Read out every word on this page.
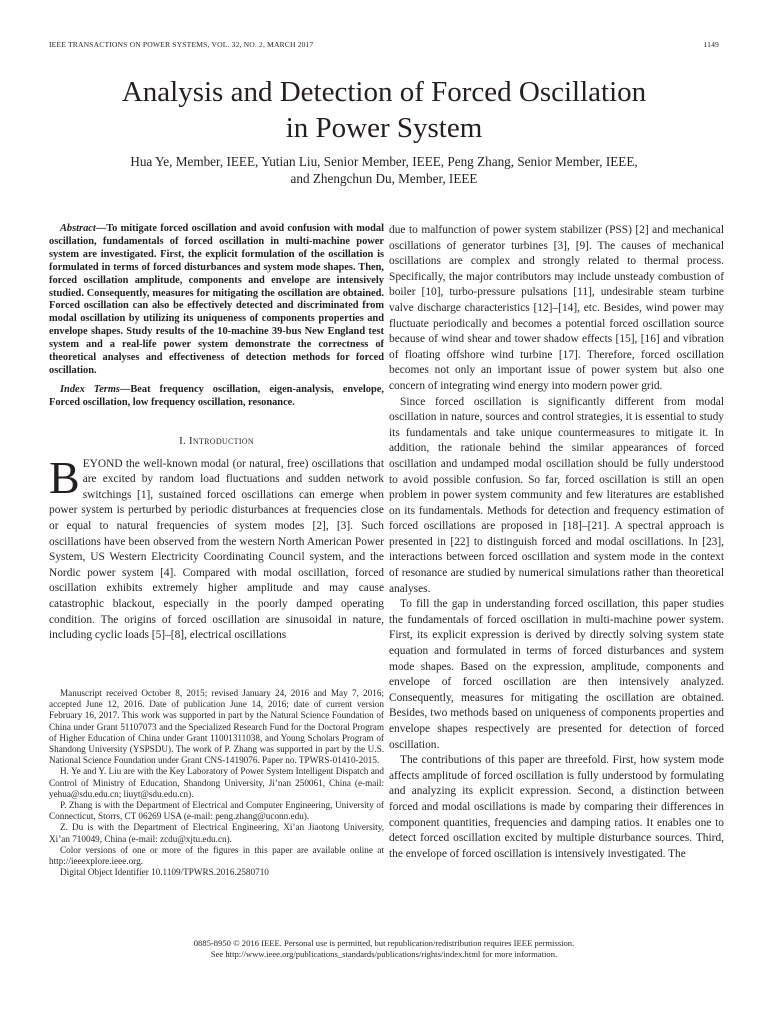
IEEE TRANSACTIONS ON POWER SYSTEMS, VOL. 32, NO. 2, MARCH 2017	1149
Analysis and Detection of Forced Oscillation
in Power System
Hua Ye, Member, IEEE, Yutian Liu, Senior Member, IEEE, Peng Zhang, Senior Member, IEEE,
and Zhengchun Du, Member, IEEE

Abstract—To mitigate forced oscillation and avoid confusion with modal oscillation, fundamentals of forced oscillation in multi-machine power system are investigated. First, the explicit formulation of the oscillation is formulated in terms of forced disturbances and system mode shapes. Then, forced oscillation amplitude, components and envelope are intensively studied. Consequently, measures for mitigating the oscillation are obtained. Forced oscillation can also be effectively detected and discriminated from modal oscillation by utilizing its uniqueness of components properties and envelope shapes. Study results of the 10-machine 39-bus New England test system and a real-life power system demonstrate the correctness of theoretical analyses and effectiveness of detection methods for forced oscillation.

Index Terms—Beat frequency oscillation, eigen-analysis, envelope, Forced oscillation, low frequency oscillation, resonance.

I. Introduction

BEYOND the well-known modal (or natural, free) oscillations that are excited by random load fluctuations and sudden network switchings [1], sustained forced oscillations can emerge when power system is perturbed by periodic disturbances at frequencies close or equal to natural frequencies of system modes [2], [3]. Such oscillations have been observed from the western North American Power System, US Western Electricity Coordinating Council system, and the Nordic power system [4]. Compared with modal oscillation, forced oscillation exhibits extremely higher amplitude and may cause catastrophic blackout, especially in the poorly damped operating condition. The origins of forced oscillation are sinusoidal in nature, including cyclic loads [5]–[8], electrical oscillations

Manuscript received October 8, 2015; revised January 24, 2016 and May 7, 2016; accepted June 12, 2016. Date of publication June 14, 2016; date of current version February 16, 2017. This work was supported in part by the Natural Science Foundation of China under Grant 51107073 and the Specialized Research Fund for the Doctoral Program of Higher Education of China under Grant 11001311038, and Young Scholars Program of Shandong University (YSPSDU). The work of P. Zhang was supported in part by the U.S. National Science Foundation under Grant CNS-1419076. Paper no. TPWRS-01410-2015.

H. Ye and Y. Liu are with the Key Laboratory of Power System Intelligent Dispatch and Control of Ministry of Education, Shandong University, Ji’nan 250061, China (e-mail: yehua@sdu.edu.cn; liuyt@sdu.edu.cn).

P. Zhang is with the Department of Electrical and Computer Engineering, University of Connecticut, Storrs, CT 06269 USA (e-mail: peng.zhang@uconn.edu).

Z. Du is with the Department of Electrical Engineering, Xi’an Jiaotong University, Xi’an 710049, China (e-mail: zcdu@xjtu.edu.cn).

Color versions of one or more of the figures in this paper are available online at http://ieeexplore.ieee.org.

Digital Object Identifier 10.1109/TPWRS.2016.2580710

due to malfunction of power system stabilizer (PSS) [2] and mechanical oscillations of generator turbines [3], [9]. The causes of mechanical oscillations are complex and strongly related to thermal process. Specifically, the major contributors may include unsteady combustion of boiler [10], turbo-pressure pulsations [11], undesirable steam turbine valve discharge characteristics [12]–[14], etc. Besides, wind power may fluctuate periodically and becomes a potential forced oscillation source because of wind shear and tower shadow effects [15], [16] and vibration of floating offshore wind turbine [17]. Therefore, forced oscillation becomes not only an important issue of power system but also one concern of integrating wind energy into modern power grid.

Since forced oscillation is significantly different from modal oscillation in nature, sources and control strategies, it is essential to study its fundamentals and take unique countermeasures to mitigate it. In addition, the rationale behind the similar appearances of forced oscillation and undamped modal oscillation should be fully understood to avoid possible confusion. So far, forced oscillation is still an open problem in power system community and few literatures are established on its fundamentals. Methods for detection and frequency estimation of forced oscillations are proposed in [18]–[21]. A spectral approach is presented in [22] to distinguish forced and modal oscillations. In [23], interactions between forced oscillation and system mode in the context of resonance are studied by numerical simulations rather than theoretical analyses.

To fill the gap in understanding forced oscillation, this paper studies the fundamentals of forced oscillation in multi-machine power system. First, its explicit expression is derived by directly solving system state equation and formulated in terms of forced disturbances and system mode shapes. Based on the expression, amplitude, components and envelope of forced oscillation are then intensively analyzed. Consequently, measures for mitigating the oscillation are obtained. Besides, two methods based on uniqueness of components properties and envelope shapes respectively are presented for detection of forced oscillation.

The contributions of this paper are threefold. First, how system mode affects amplitude of forced oscillation is fully understood by formulating and analyzing its explicit expression. Second, a distinction between forced and modal oscillations is made by comparing their differences in component quantities, frequencies and damping ratios. It enables one to detect forced oscillation excited by multiple disturbance sources. Third, the envelope of forced oscillation is intensively investigated. The

0885-8950 © 2016 IEEE. Personal use is permitted, but republication/redistribution requires IEEE permission.
See http://www.ieee.org/publications_standards/publications/rights/index.html for more information.
